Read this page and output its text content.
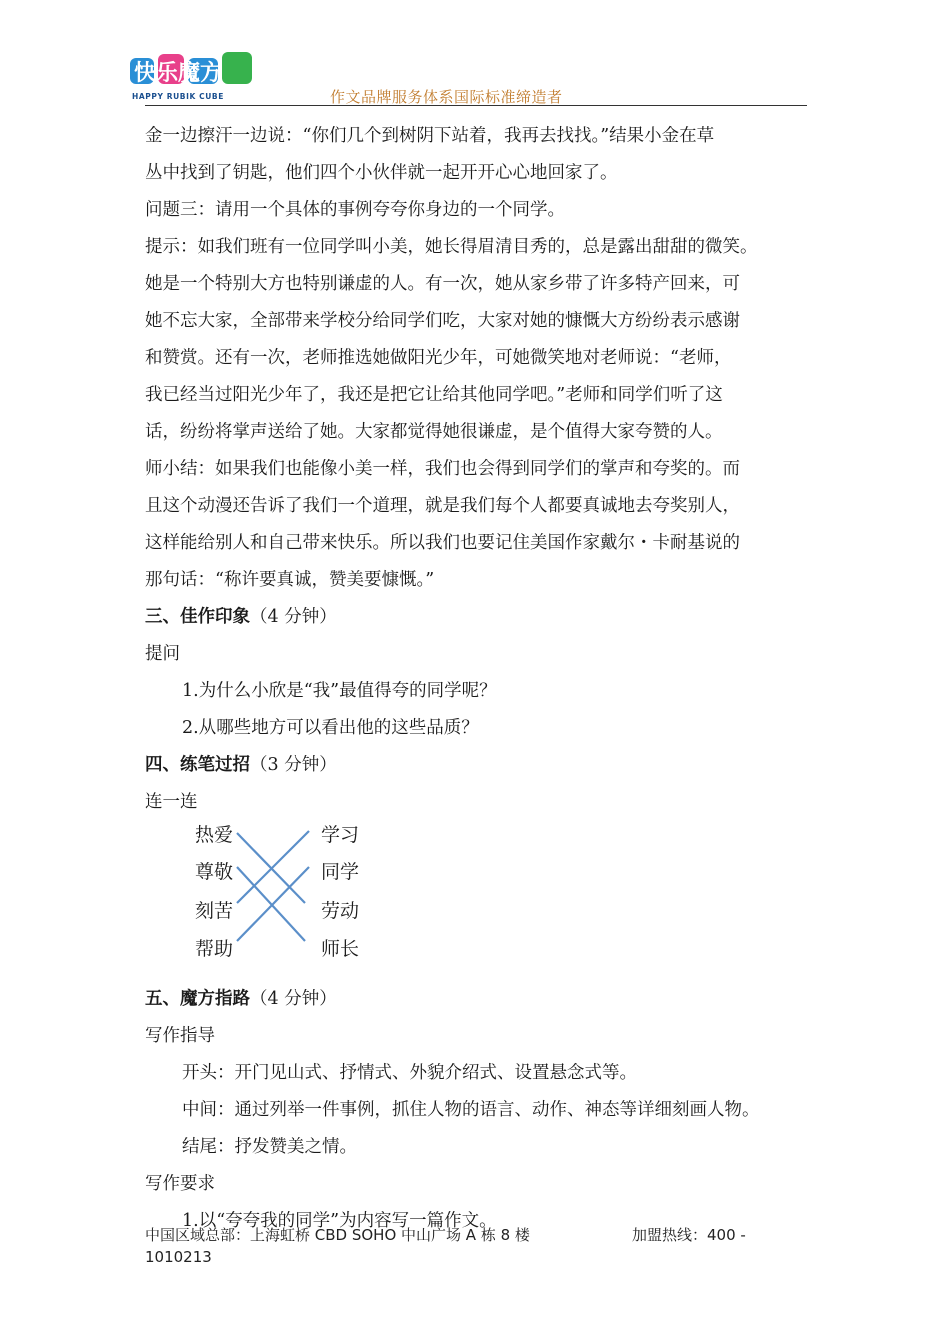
快乐魔方
HAPPY RUBIK CUBE	作文品牌服务体系国际标准缔造者

金一边擦汗一边说：“你们几个到树阴下站着，我再去找找。”结果小金在草

丛中找到了钥匙，他们四个小伙伴就一起开开心心地回家了。

问题三：请用一个具体的事例夸夸你身边的一个同学。

提示：如我们班有一位同学叫小美，她长得眉清目秀的，总是露出甜甜的微笑。

她是一个特别大方也特别谦虚的人。有一次，她从家乡带了许多特产回来，可

她不忘大家，全部带来学校分给同学们吃，大家对她的慷慨大方纷纷表示感谢

和赞赏。还有一次，老师推选她做阳光少年，可她微笑地对老师说：“老师，

我已经当过阳光少年了，我还是把它让给其他同学吧。”老师和同学们听了这

话，纷纷将掌声送给了她。大家都觉得她很谦虚，是个值得大家夸赞的人。

师小结：如果我们也能像小美一样，我们也会得到同学们的掌声和夸奖的。而

且这个动漫还告诉了我们一个道理，就是我们每个人都要真诚地去夸奖别人，

这样能给别人和自己带来快乐。所以我们也要记住美国作家戴尔・卡耐基说的

那句话：“称许要真诚，赞美要慷慨。”

三、佳作印象（4 分钟）

提问

1.为什么小欣是“我”最值得夸的同学呢？

2.从哪些地方可以看出他的这些品质？

四、练笔过招（3 分钟）

连一连

热爱
尊敬
刻苦
帮助
学习
同学
劳动
师长

五、魔方指路（4 分钟）

写作指导

开头：开门见山式、抒情式、外貌介绍式、设置悬念式等。

中间：通过列举一件事例，抓住人物的语言、动作、神态等详细刻画人物。

结尾：抒发赞美之情。

写作要求

1.以“夸夸我的同学”为内容写一篇作文。

中国区域总部：上海虹桥 CBD SOHO 中山广场 A 栋 8 楼	加盟热线：400 -
1010213
